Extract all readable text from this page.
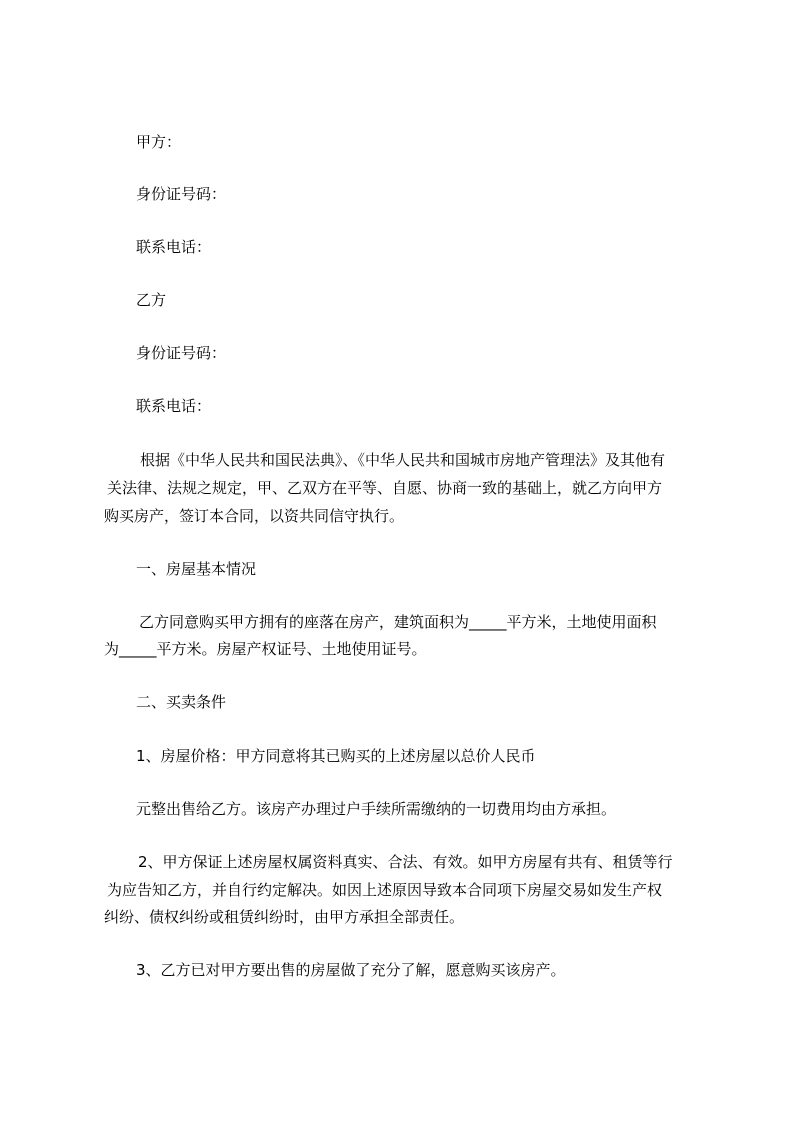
甲方：

身份证号码：

联系电话：

乙方

身份证号码：

联系电话：

根据《中华人民共和国民法典》、《中华人民共和国城市房地产管理法》及其他有

关法律、法规之规定，甲、乙双方在平等、自愿、协商一致的基础上，就乙方向甲方

购买房产，签订本合同，以资共同信守执行。

一、房屋基本情况

乙方同意购买甲方拥有的座落在房产，建筑面积为_____平方米，土地使用面积

为_____平方米。房屋产权证号、土地使用证号。

二、买卖条件

1、房屋价格：甲方同意将其已购买的上述房屋以总价人民币

元整出售给乙方。该房产办理过户手续所需缴纳的一切费用均由方承担。

2、甲方保证上述房屋权属资料真实、合法、有效。如甲方房屋有共有、租赁等行

为应告知乙方，并自行约定解决。如因上述原因导致本合同项下房屋交易如发生产权

纠纷、债权纠纷或租赁纠纷时，由甲方承担全部责任。

3、乙方已对甲方要出售的房屋做了充分了解，愿意购买该房产。
